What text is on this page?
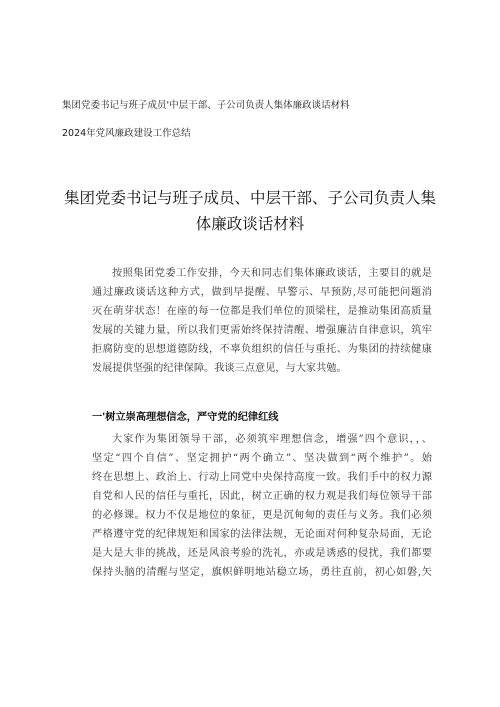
集团党委书记与班子成员'中层干部、子公司负责人集体廉政谈话材料
2024年党风廉政建设工作总结
集团党委书记与班子成员、中层干部、子公司负责人集
体廉政谈话材料
按照集团党委工作安排，今天和同志们集体廉政谈话，主要目的就是
通过廉政谈话这种方式，做到早提醒、早警示、早预防,尽可能把问题消
灭在萌芽状态！在座的每一位都是我们单位的顶梁柱，是推动集团高质量
发展的关键力量，所以我们更需始终保持清醒、增强廉洁自律意识，筑牢
拒腐防变的思想道德防线，不辜负组织的信任与重托、为集团的持续健康
发展提供坚强的纪律保障。我谈三点意见，与大家共勉。
一'树立崇高理想信念，严守党的纪律红线
大家作为集团领导干部，必须筑牢理想信念，增强”四个意识，，、
坚定“四个自信”、坚定拥护“两个确立”、坚决做到“两个维护”。始
终在思想上、政治上、行动上同党中央保持高度一致。我们手中的权力源
自党和人民的信任与重托，因此，树立正确的权力观是我们每位领导干部
的必修课。权力不仅是地位的象征，更是沉甸甸的责任与义务。我们必须
严格遵守党的纪律规矩和国家的法律法规，无论面对何种复杂局面，无论
是大是大非的挑战，还是风浪考验的洗礼，亦或是诱惑的侵扰，我们都要
保持头脑的清醒与坚定，旗帜鲜明地站稳立场，勇往直前，初心如磐,矢
